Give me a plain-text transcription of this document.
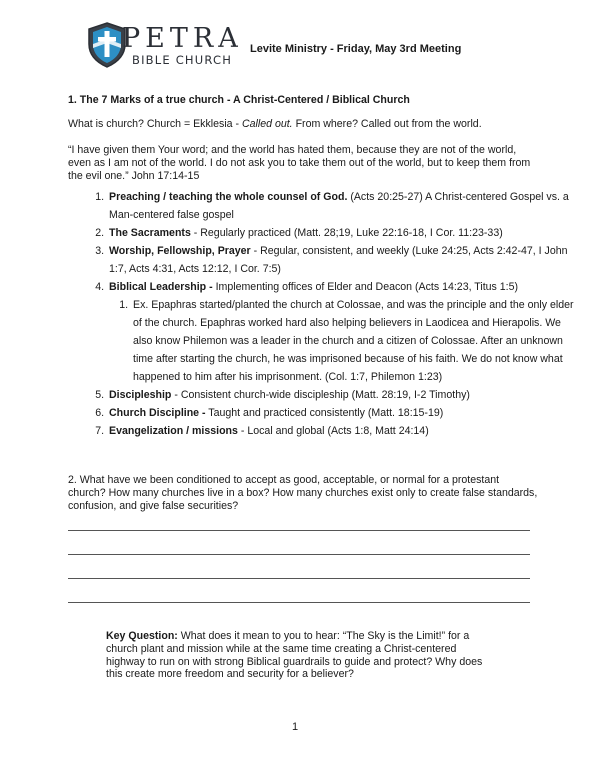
PETRA
BIBLE CHURCH
Levite Ministry - Friday, May 3rd Meeting
1. The 7 Marks of a true church - A Christ-Centered / Biblical Church
What is church? Church = Ekklesia - Called out. From where? Called out from the world.
“I have given them Your word; and the world has hated them, because they are not of the world, even as I am not of the world. I do not ask you to take them out of the world, but to keep them from the evil one.” John 17:14-15
1. Preaching / teaching the whole counsel of God. (Acts 20:25-27) A Christ-centered Gospel vs. a Man-centered false gospel
2. The Sacraments - Regularly practiced (Matt. 28;19, Luke 22:16-18, I Cor. 11:23-33)
3. Worship, Fellowship, Prayer - Regular, consistent, and weekly (Luke 24:25, Acts 2:42-47, I John 1:7, Acts 4:31, Acts 12:12, I Cor. 7:5)
4. Biblical Leadership - Implementing offices of Elder and Deacon (Acts 14:23, Titus 1:5)
1. Ex. Epaphras started/planted the church at Colossae, and was the principle and the only elder of the church. Epaphras worked hard also helping believers in Laodicea and Hierapolis. We also know Philemon was a leader in the church and a citizen of Colossae. After an unknown time after starting the church, he was imprisoned because of his faith. We do not know what happened to him after his imprisonment. (Col. 1:7, Philemon 1:23)
5. Discipleship - Consistent church-wide discipleship (Matt. 28:19, I-2 Timothy)
6. Church Discipline - Taught and practiced consistently (Matt. 18:15-19)
7. Evangelization / missions - Local and global (Acts 1:8, Matt 24:14)
2. What have we been conditioned to accept as good, acceptable, or normal for a protestant church? How many churches live in a box? How many churches exist only to create false standards, confusion, and give false securities?
Key Question: What does it mean to you to hear: “The Sky is the Limit!” for a church plant and mission while at the same time creating a Christ-centered highway to run on with strong Biblical guardrails to guide and protect? Why does this create more freedom and security for a believer?
1
